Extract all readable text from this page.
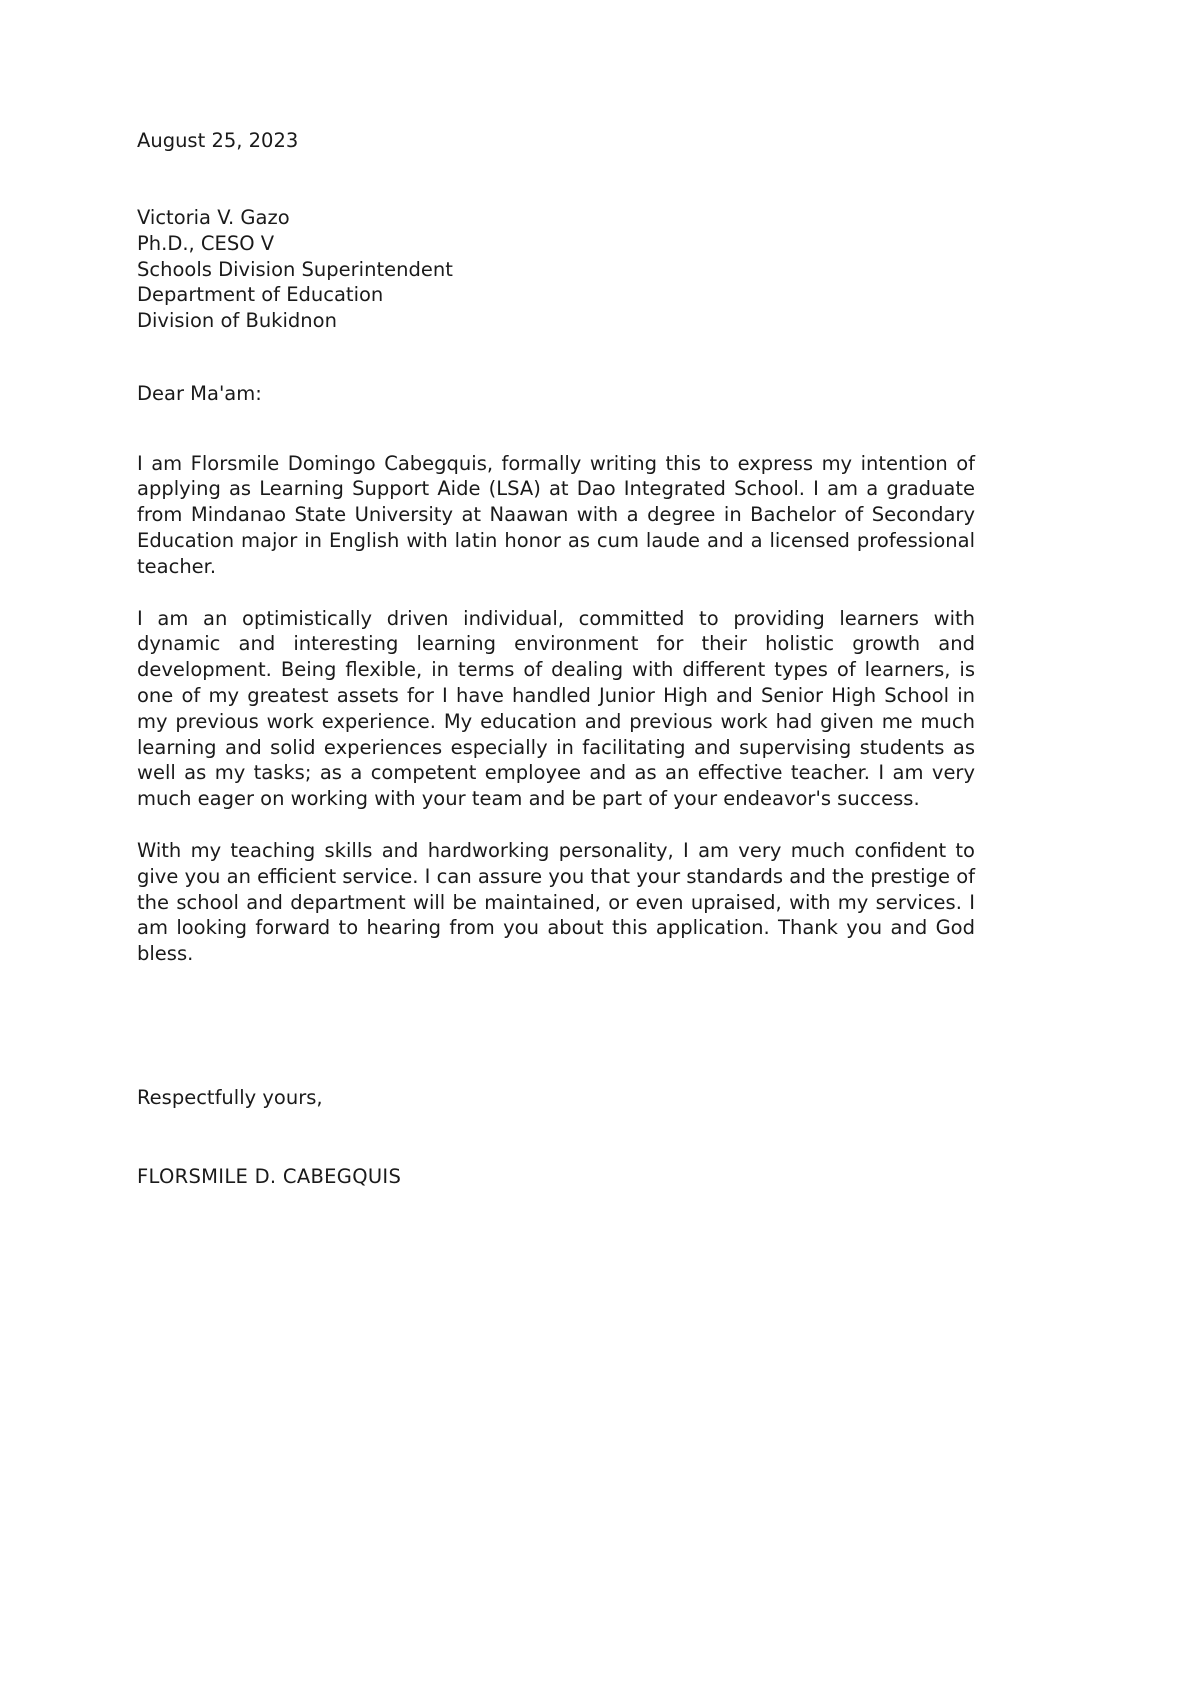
August 25, 2023

Victoria V. Gazo

Ph.D., CESO V

Schools Division Superintendent

Department of Education

Division of Bukidnon

Dear Ma'am:

I am Florsmile Domingo Cabegquis, formally writing this to express my intention of applying as Learning Support Aide (LSA) at Dao Integrated School. I am a graduate from Mindanao State University at Naawan with a degree in Bachelor of Secondary Education major in English with latin honor as cum laude and a licensed professional teacher.

I am an optimistically driven individual, committed to providing learners with dynamic and interesting learning environment for their holistic growth and development. Being flexible, in terms of dealing with different types of learners, is one of my greatest assets for I have handled Junior High and Senior High School in my previous work experience. My education and previous work had given me much learning and solid experiences especially in facilitating and supervising students as well as my tasks; as a competent employee and as an effective teacher. I am very much eager on working with your team and be part of your endeavor's success.

With my teaching skills and hardworking personality, I am very much confident to give you an efficient service. I can assure you that your standards and the prestige of the school and department will be maintained, or even upraised, with my services. I am looking forward to hearing from you about this application. Thank you and God bless.

Respectfully yours,

FLORSMILE D. CABEGQUIS
